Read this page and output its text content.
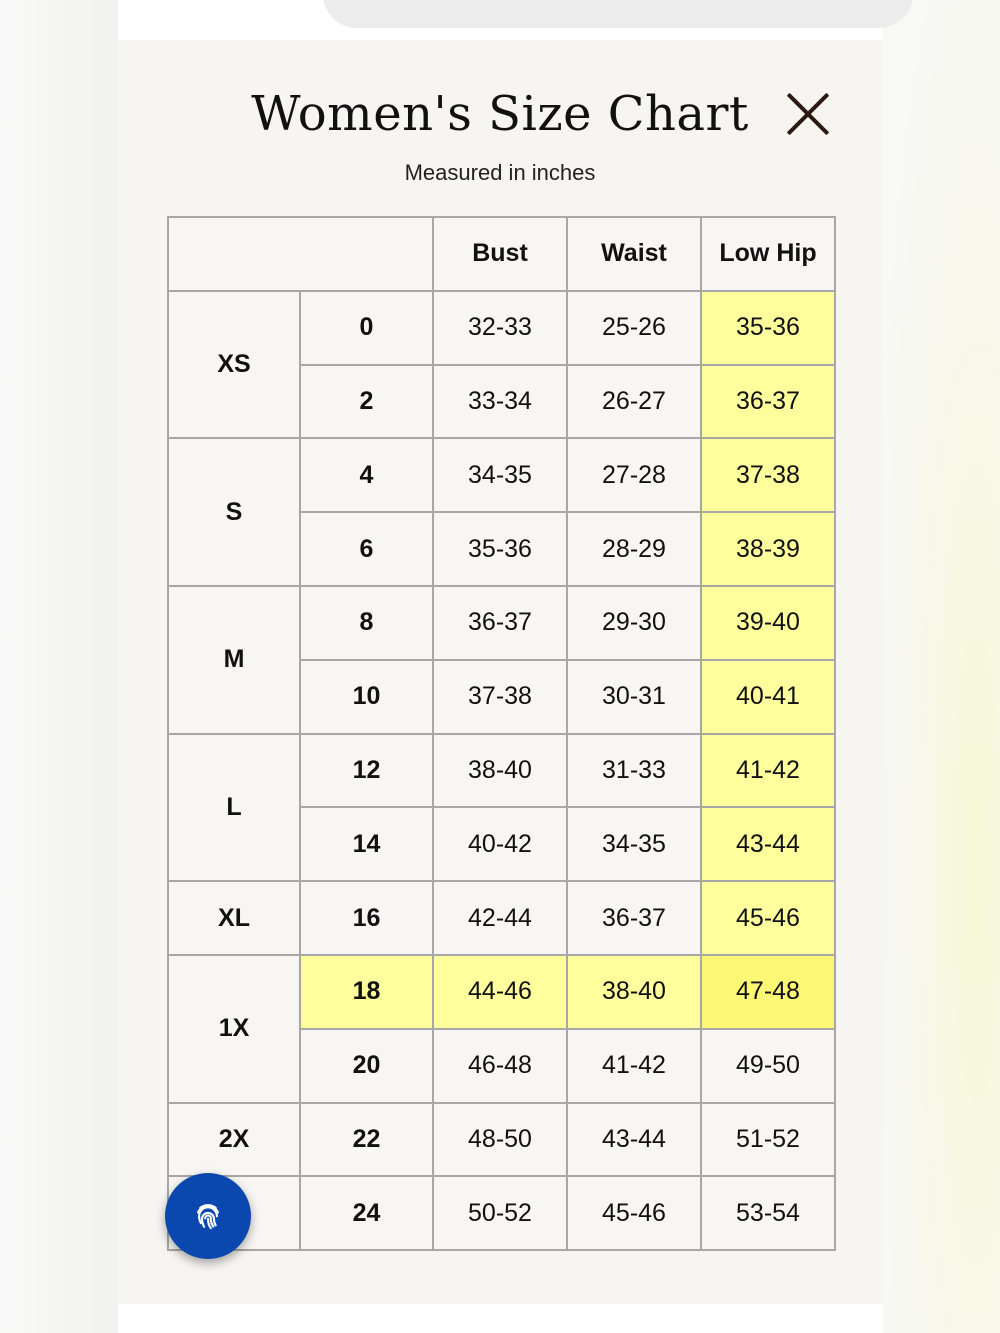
Women's Size Chart
Measured in inches
		Bust	Waist	Low Hip
XS	0	32-33	25-26	35-36
	2	33-34	26-27	36-37
S	4	34-35	27-28	37-38
	6	35-36	28-29	38-39
M	8	36-37	29-30	39-40
	10	37-38	30-31	40-41
L	12	38-40	31-33	41-42
	14	40-42	34-35	43-44
XL	16	42-44	36-37	45-46
1X	18	44-46	38-40	47-48
	20	46-48	41-42	49-50
2X	22	48-50	43-44	51-52
	24	50-52	45-46	53-54
